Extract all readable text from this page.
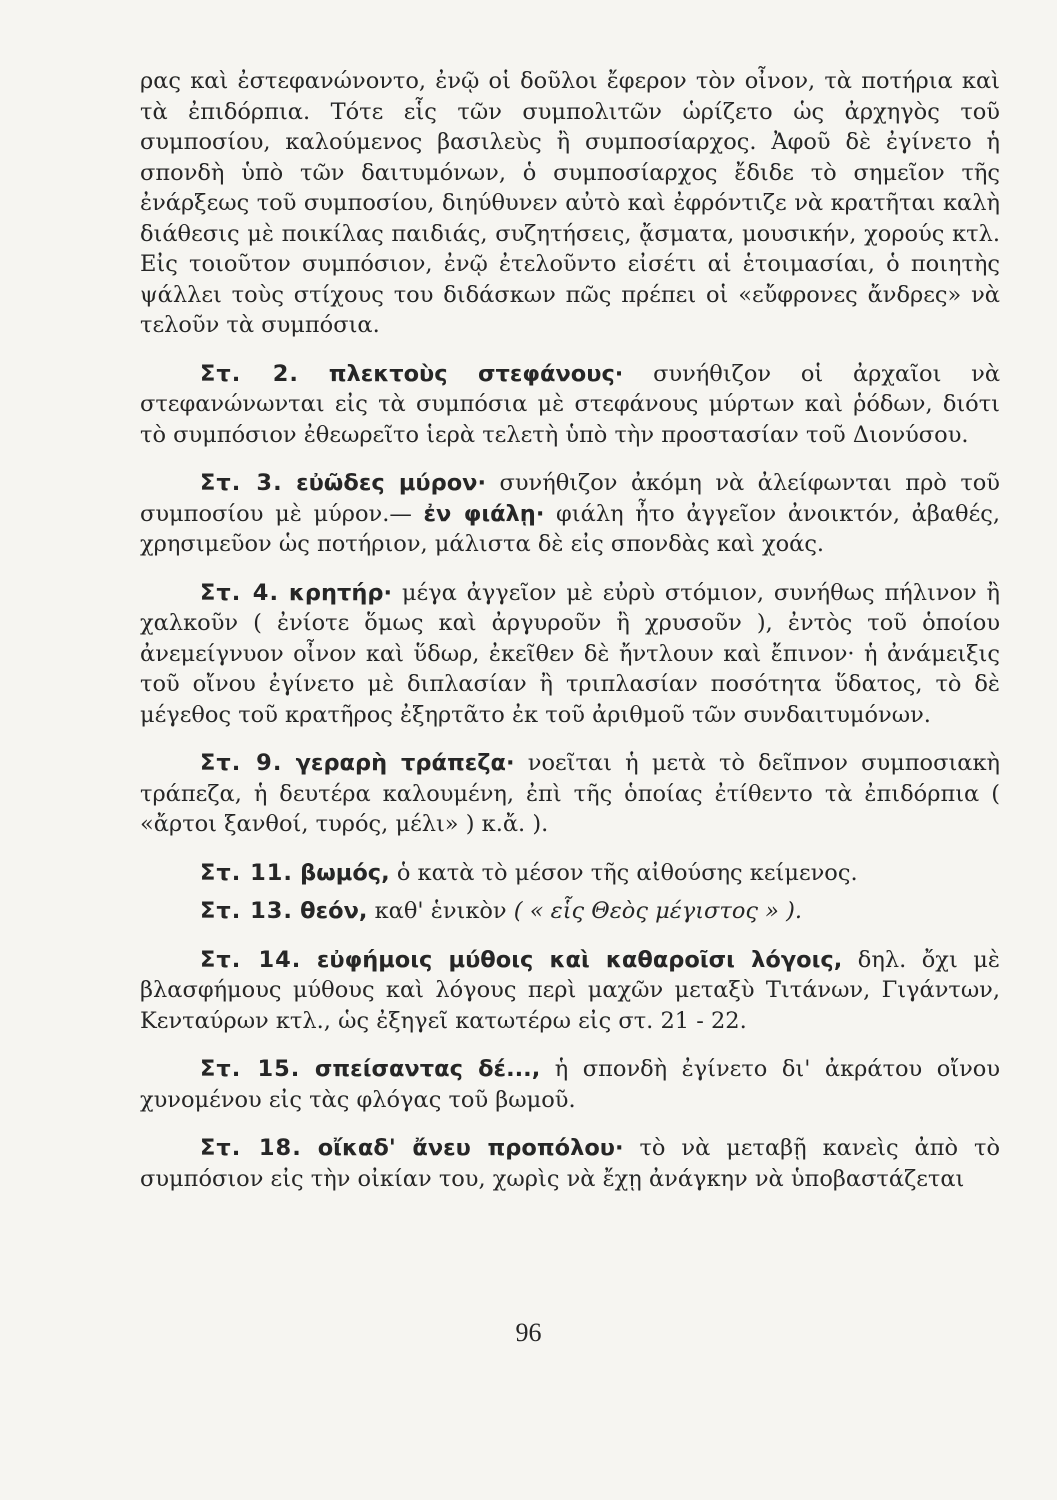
ρας καὶ ἐστεφανώνοντο, ἐνῷ οἱ δοῦλοι ἔφερον τὸν οἶνον, τὰ ποτήρια καὶ τὰ ἐπιδόρπια. Τότε εἷς τῶν συμπολιτῶν ὡρίζετο ὡς ἀρχηγὸς τοῦ συμποσίου, καλούμενος βασιλεὺς ἢ συμποσίαρχος. Ἀφοῦ δὲ ἐγίνετο ἡ σπονδὴ ὑπὸ τῶν δαιτυμόνων, ὁ συμποσίαρχος ἔδιδε τὸ σημεῖον τῆς ἐνάρξεως τοῦ συμποσίου, διηύθυνεν αὐτὸ καὶ ἐφρόντιζε νὰ κρατῆται καλὴ διάθεσις μὲ ποικίλας παιδιάς, συζητήσεις, ᾄσματα, μουσικήν, χορούς κτλ. Εἰς τοιοῦτον συμπόσιον, ἐνῷ ἐτελοῦντο εἰσέτι αἱ ἑτοιμασίαι, ὁ ποιητὴς ψάλλει τοὺς στίχους του διδάσκων πῶς πρέπει οἱ «εὔφρονες ἄνδρες» νὰ τελοῦν τὰ συμπόσια.

Στ. 2. πλεκτοὺς στεφάνους· συνήθιζον οἱ ἀρχαῖοι νὰ στεφανώνωνται εἰς τὰ συμπόσια μὲ στεφάνους μύρτων καὶ ῥόδων, διότι τὸ συμπόσιον ἐθεωρεῖτο ἱερὰ τελετὴ ὑπὸ τὴν προστασίαν τοῦ Διονύσου.

Στ. 3. εὐῶδες μύρον· συνήθιζον ἀκόμη νὰ ἀλείφωνται πρὸ τοῦ συμποσίου μὲ μύρον.— ἐν φιάλῃ· φιάλη ἦτο ἀγγεῖον ἀνοικτόν, ἀβαθές, χρησιμεῦον ὡς ποτήριον, μάλιστα δὲ εἰς σπονδὰς καὶ χοάς.

Στ. 4. κρητήρ· μέγα ἀγγεῖον μὲ εὐρὺ στόμιον, συνήθως πήλινον ἢ χαλκοῦν ( ἐνίοτε ὅμως καὶ ἀργυροῦν ἢ χρυσοῦν ), ἐντὸς τοῦ ὁποίου ἀνεμείγνυον οἶνον καὶ ὕδωρ, ἐκεῖθεν δὲ ἤντλουν καὶ ἔπινον· ἡ ἀνάμειξις τοῦ οἴνου ἐγίνετο μὲ διπλασίαν ἢ τριπλασίαν ποσότητα ὕδατος, τὸ δὲ μέγεθος τοῦ κρατῆρος ἐξηρτᾶτο ἐκ τοῦ ἀριθμοῦ τῶν συνδαιτυμόνων.

Στ. 9. γεραρὴ τράπεζα· νοεῖται ἡ μετὰ τὸ δεῖπνον συμποσιακὴ τράπεζα, ἡ δευτέρα καλουμένη, ἐπὶ τῆς ὁποίας ἐτίθεντο τὰ ἐπιδόρπια ( «ἄρτοι ξανθοί, τυρός, μέλι» ) κ.ἄ. ).

Στ. 11. βωμός, ὁ κατὰ τὸ μέσον τῆς αἰθούσης κείμενος.

Στ. 13. θεόν, καθ' ἑνικὸν ( « εἷς Θεὸς μέγιστος » ).

Στ. 14. εὐφήμοις μύθοις καὶ καθαροῖσι λόγοις, δηλ. ὄχι μὲ βλασφήμους μύθους καὶ λόγους περὶ μαχῶν μεταξὺ Τιτάνων, Γιγάντων, Κενταύρων κτλ., ὡς ἐξηγεῖ κατωτέρω εἰς στ. 21 - 22.

Στ. 15. σπείσαντας δέ..., ἡ σπονδὴ ἐγίνετο δι' ἀκράτου οἴνου χυνομένου εἰς τὰς φλόγας τοῦ βωμοῦ.

Στ. 18. οἴκαδ' ἄνευ προπόλου· τὸ νὰ μεταβῇ κανεὶς ἀπὸ τὸ συμπόσιον εἰς τὴν οἰκίαν του, χωρὶς νὰ ἔχῃ ἀνάγκην νὰ ὑποβαστάζεται

96
